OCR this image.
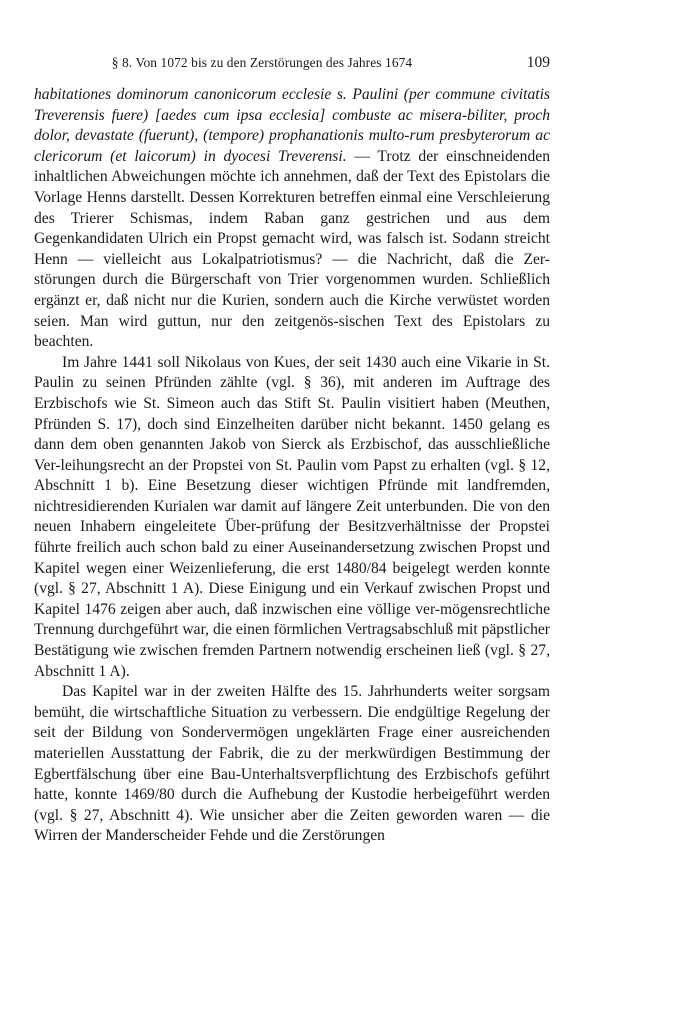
§ 8. Von 1072 bis zu den Zerstörungen des Jahres 1674	109

habitationes dominorum canonicorum ecclesie s. Paulini (per commune civitatis Treverensis fuere) [aedes cum ipsa ecclesia] combuste ac misera-biliter, proch dolor, devastate (fuerunt), (tempore) prophanationis multo-rum presbyterorum ac clericorum (et laicorum) in dyocesi Treverensi. — Trotz der einschneidenden inhaltlichen Abweichungen möchte ich annehmen, daß der Text des Epistolars die Vorlage Henns darstellt. Dessen Korrekturen betreffen einmal eine Verschleierung des Trierer Schismas, indem Raban ganz gestrichen und aus dem Gegenkandidaten Ulrich ein Propst gemacht wird, was falsch ist. Sodann streicht Henn — vielleicht aus Lokalpatriotismus? — die Nachricht, daß die Zer-störungen durch die Bürgerschaft von Trier vorgenommen wurden. Schließlich ergänzt er, daß nicht nur die Kurien, sondern auch die Kirche verwüstet worden seien. Man wird guttun, nur den zeitgenös-sischen Text des Epistolars zu beachten.

Im Jahre 1441 soll Nikolaus von Kues, der seit 1430 auch eine Vikarie in St. Paulin zu seinen Pfründen zählte (vgl. § 36), mit anderen im Auftrage des Erzbischofs wie St. Simeon auch das Stift St. Paulin visitiert haben (Meuthen, Pfründen S. 17), doch sind Einzelheiten darüber nicht bekannt. 1450 gelang es dann dem oben genannten Jakob von Sierck als Erzbischof, das ausschließliche Ver-leihungsrecht an der Propstei von St. Paulin vom Papst zu erhalten (vgl. § 12, Abschnitt 1 b). Eine Besetzung dieser wichtigen Pfründe mit landfremden, nichtresidierenden Kurialen war damit auf längere Zeit unterbunden. Die von den neuen Inhabern eingeleitete Über-prüfung der Besitzverhältnisse der Propstei führte freilich auch schon bald zu einer Auseinandersetzung zwischen Propst und Kapitel wegen einer Weizenlieferung, die erst 1480/84 beigelegt werden konnte (vgl. § 27, Abschnitt 1 A). Diese Einigung und ein Verkauf zwischen Propst und Kapitel 1476 zeigen aber auch, daß inzwischen eine völlige ver-mögensrechtliche Trennung durchgeführt war, die einen förmlichen Vertragsabschluß mit päpstlicher Bestätigung wie zwischen fremden Partnern notwendig erscheinen ließ (vgl. § 27, Abschnitt 1 A).

Das Kapitel war in der zweiten Hälfte des 15. Jahrhunderts weiter sorgsam bemüht, die wirtschaftliche Situation zu verbessern. Die endgültige Regelung der seit der Bildung von Sondervermögen ungeklärten Frage einer ausreichenden materiellen Ausstattung der Fabrik, die zu der merkwürdigen Bestimmung der Egbertfälschung über eine Bau-Unterhaltsverpflichtung des Erzbischofs geführt hatte, konnte 1469/80 durch die Aufhebung der Kustodie herbeigeführt werden (vgl. § 27, Abschnitt 4). Wie unsicher aber die Zeiten geworden waren — die Wirren der Manderscheider Fehde und die Zerstörungen
